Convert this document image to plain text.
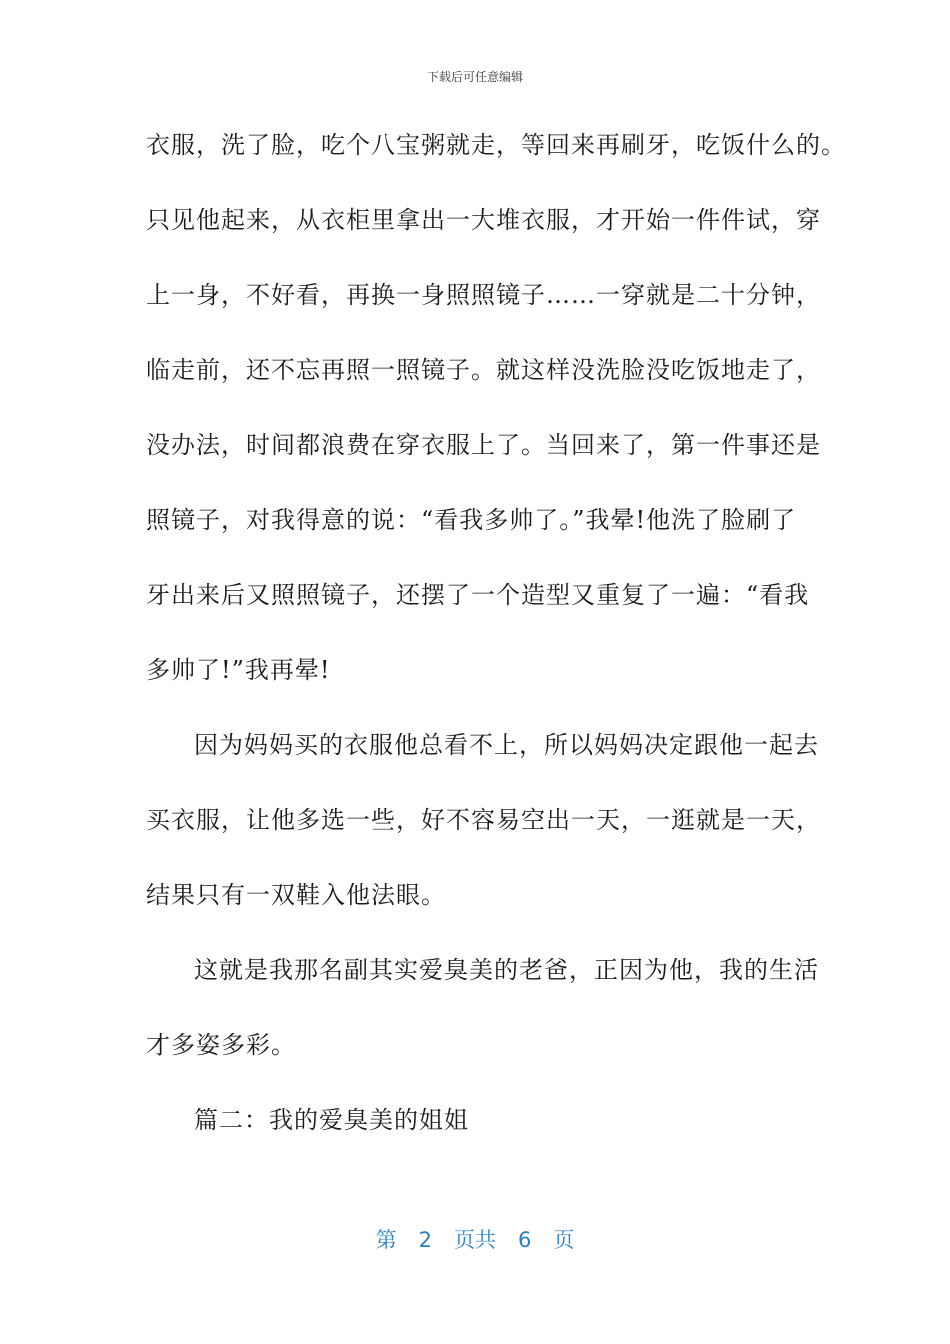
下载后可任意编辑
衣服，洗了脸，吃个八宝粥就走，等回来再刷牙，吃饭什么的。
只见他起来，从衣柜里拿出一大堆衣服，才开始一件件试，穿
上一身，不好看，再换一身照照镜子……一穿就是二十分钟，
临走前，还不忘再照一照镜子。就这样没洗脸没吃饭地走了，
没办法，时间都浪费在穿衣服上了。当回来了，第一件事还是
照镜子，对我得意的说：“看我多帅了。”我晕!他洗了脸刷了
牙出来后又照照镜子，还摆了一个造型又重复了一遍：“看我
多帅了!”我再晕!
因为妈妈买的衣服他总看不上，所以妈妈决定跟他一起去
买衣服，让他多选一些，好不容易空出一天，一逛就是一天，
结果只有一双鞋入他法眼。
这就是我那名副其实爱臭美的老爸，正因为他，我的生活
才多姿多彩。
篇二：我的爱臭美的姐姐
第 2 页共 6 页
